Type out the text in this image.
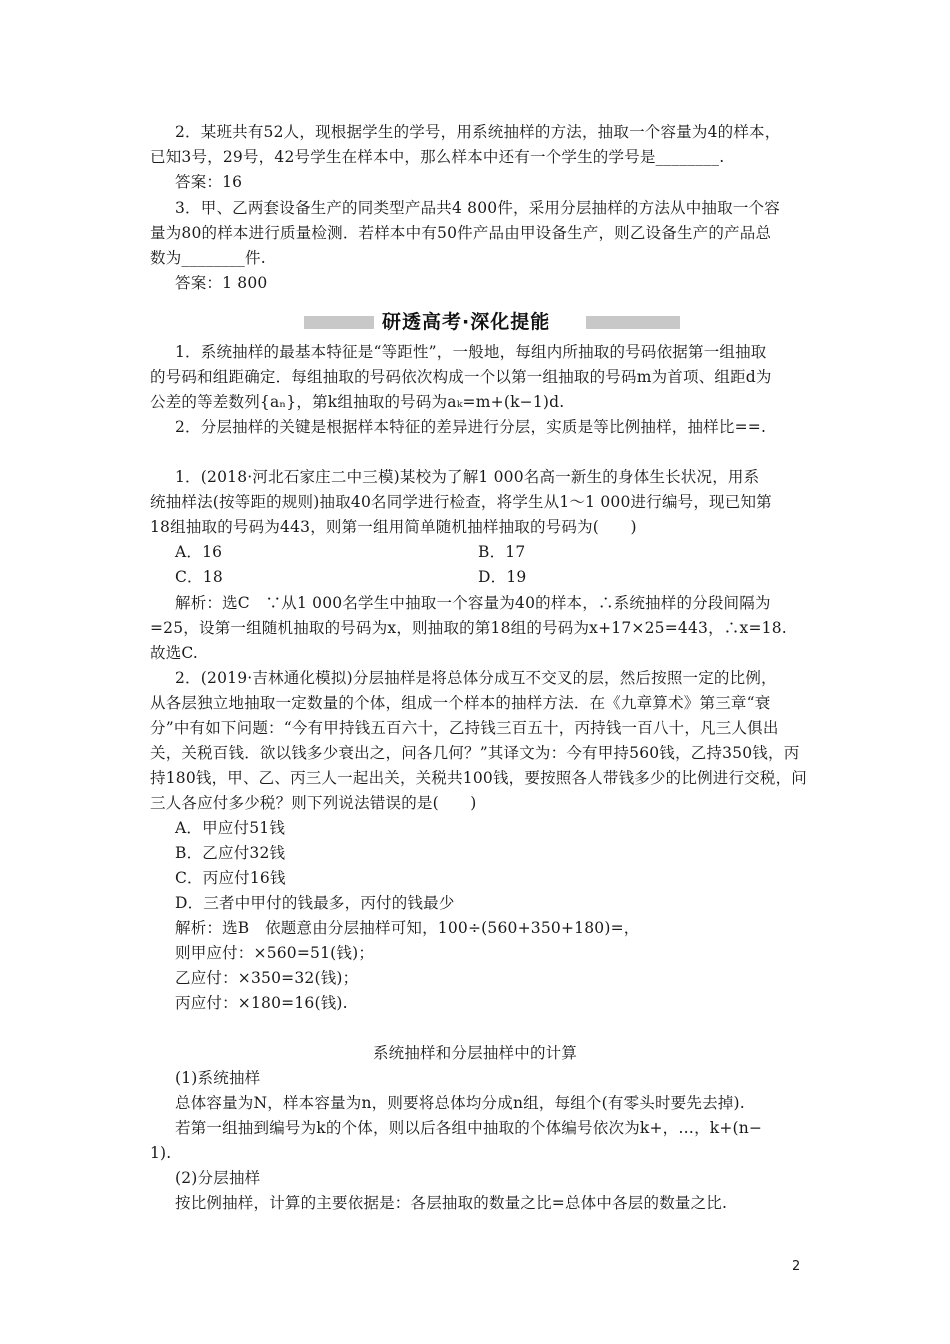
2．某班共有52人，现根据学生的学号，用系统抽样的方法，抽取一个容量为4的样本，
已知3号，29号，42号学生在样本中，那么样本中还有一个学生的学号是________.
答案：16
3．甲、乙两套设备生产的同类型产品共4 800件，采用分层抽样的方法从中抽取一个容
量为80的样本进行质量检测．若样本中有50件产品由甲设备生产，则乙设备生产的产品总
数为________件.
答案：1 800
研透高考·深化提能
1．系统抽样的最基本特征是“等距性”，一般地，每组内所抽取的号码依据第一组抽取
的号码和组距确定．每组抽取的号码依次构成一个以第一组抽取的号码m为首项、组距d为
公差的等差数列{aₙ}，第k组抽取的号码为aₖ=m+(k−1)d.
2．分层抽样的关键是根据样本特征的差异进行分层，实质是等比例抽样，抽样比==.
1．(2018·河北石家庄二中三模)某校为了解1 000名高一新生的身体生长状况，用系
统抽样法(按等距的规则)抽取40名同学进行检查，将学生从1～1 000进行编号，现已知第
18组抽取的号码为443，则第一组用简单随机抽样抽取的号码为(　　)
A．16	B．17
C．18	D．19
解析：选C　∵从1 000名学生中抽取一个容量为40的样本，∴系统抽样的分段间隔为
=25，设第一组随机抽取的号码为x，则抽取的第18组的号码为x+17×25=443，∴x=18.
故选C.
2．(2019·吉林通化模拟)分层抽样是将总体分成互不交叉的层，然后按照一定的比例，
从各层独立地抽取一定数量的个体，组成一个样本的抽样方法．在《九章算术》第三章“衰
分”中有如下问题：“今有甲持钱五百六十，乙持钱三百五十，丙持钱一百八十，凡三人俱出
关，关税百钱．欲以钱多少衰出之，问各几何？”其译文为：今有甲持560钱，乙持350钱，丙
持180钱，甲、乙、丙三人一起出关，关税共100钱，要按照各人带钱多少的比例进行交税，问
三人各应付多少税？则下列说法错误的是(　　)
A．甲应付51钱
B．乙应付32钱
C．丙应付16钱
D．三者中甲付的钱最多，丙付的钱最少
解析：选B　依题意由分层抽样可知，100÷(560+350+180)=，
则甲应付：×560=51(钱)；
乙应付：×350=32(钱)；
丙应付：×180=16(钱).
系统抽样和分层抽样中的计算
(1)系统抽样
总体容量为N，样本容量为n，则要将总体均分成n组，每组个(有零头时要先去掉).
若第一组抽到编号为k的个体，则以后各组中抽取的个体编号依次为k+，…，k+(n−
1).
(2)分层抽样
按比例抽样，计算的主要依据是：各层抽取的数量之比=总体中各层的数量之比.
2
